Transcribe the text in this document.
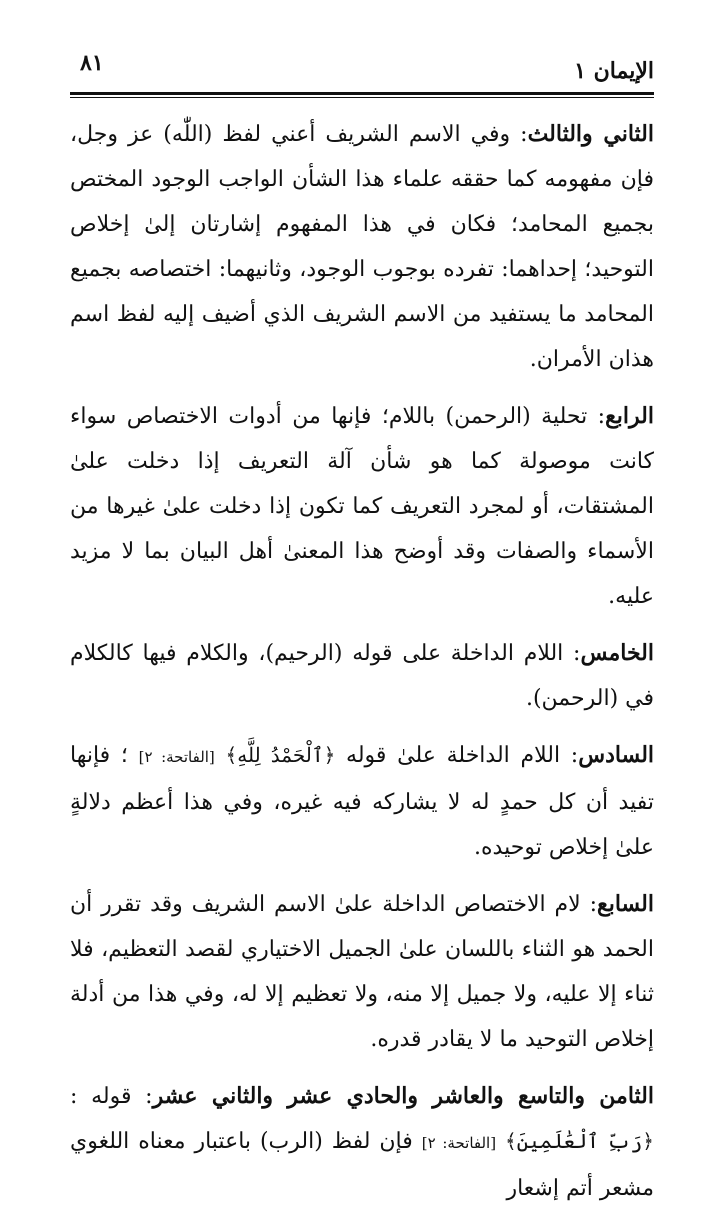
الإيمان ١
٨١

الثاني والثالث: وفي الاسم الشريف أعني لفظ (اللّٰه) عز وجل، فإن مفهومه كما حققه علماء هذا الشأن الواجب الوجود المختص بجميع المحامد؛ فكان في هذا المفهوم إشارتان إلىٰ إخلاص التوحيد؛ إحداهما: تفرده بوجوب الوجود، وثانيهما: اختصاصه بجميع المحامد ما يستفيد من الاسم الشريف الذي أضيف إليه لفظ اسم هذان الأمران.

الرابع: تحلية (الرحمن) باللام؛ فإنها من أدوات الاختصاص سواء كانت موصولة كما هو شأن آلة التعريف إذا دخلت علىٰ المشتقات، أو لمجرد التعريف كما تكون إذا دخلت علىٰ غيرها من الأسماء والصفات وقد أوضح هذا المعنىٰ أهل البيان بما لا مزيد عليه.

الخامس: اللام الداخلة على قوله (الرحيم)، والكلام فيها كالكلام في (الرحمن).

السادس: اللام الداخلة علىٰ قوله ﴿ٱلْحَمْدُ لِلَّهِ﴾ [الفاتحة: ٢] ؛ فإنها تفيد أن كل حمدٍ له لا يشاركه فيه غيره، وفي هذا أعظم دلالةٍ علىٰ إخلاص توحيده.

السابع: لام الاختصاص الداخلة علىٰ الاسم الشريف وقد تقرر أن الحمد هو الثناء باللسان علىٰ الجميل الاختياري لقصد التعظيم، فلا ثناء إلا عليه، ولا جميل إلا منه، ولا تعظيم إلا له، وفي هذا من أدلة إخلاص التوحيد ما لا يقادر قدره.

الثامن والتاسع والعاشر والحادي عشر والثاني عشر: قوله : ﴿رَبِّ ٱلْعَٰلَمِينَ﴾ [الفاتحة: ٢] فإن لفظ (الرب) باعتبار معناه اللغوي مشعر أتم إشعار
